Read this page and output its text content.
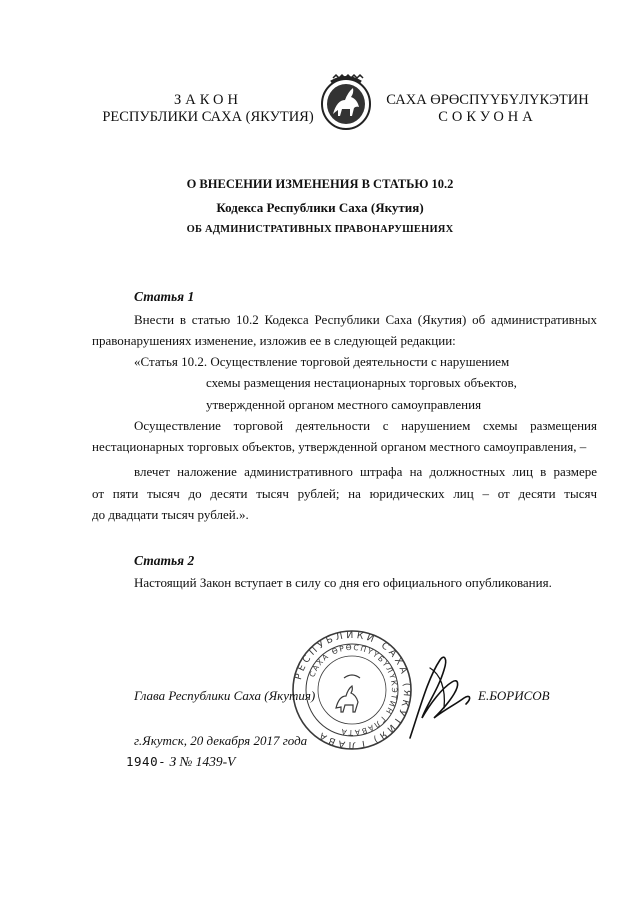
ЗАКОН
РЕСПУБЛИКИ САХА (ЯКУТИЯ)
САХА ӨРӨСПҮҮБҮЛҮКЭТИН
СОКУОНА
О ВНЕСЕНИИ ИЗМЕНЕНИЯ В СТАТЬЮ 10.2
Кодекса Республики Саха (Якутия)
ОБ АДМИНИСТРАТИВНЫХ ПРАВОНАРУШЕНИЯХ
Статья 1
Внести в статью 10.2 Кодекса Республики Саха (Якутия) об административных
правонарушениях изменение, изложив ее в следующей редакции:
«Статья 10.2. Осуществление торговой деятельности с нарушением
схемы размещения нестационарных торговых объектов,
утвержденной органом местного самоуправления
Осуществление торговой деятельности с нарушением схемы размещения
нестационарных торговых объектов, утвержденной органом местного самоуправления, –
влечет наложение административного штрафа на должностных лиц в размере
от пяти тысяч до десяти тысяч рублей; на юридических лиц – от десяти тысяч
до двадцати тысяч рублей.».
Статья 2
Настоящий Закон вступает в силу со дня его официального опубликования.
РЕСПУБЛИКИ САХА (ЯКУТИЯ) ГЛАВА
САХА ӨРӨСПҮҮБҮЛҮКЭТИН ГЛАВАТА
Глава Республики Саха (Якутия)	Е.БОРИСОВ
г.Якутск, 20 декабря 2017 года
1940- З № 1439-V
